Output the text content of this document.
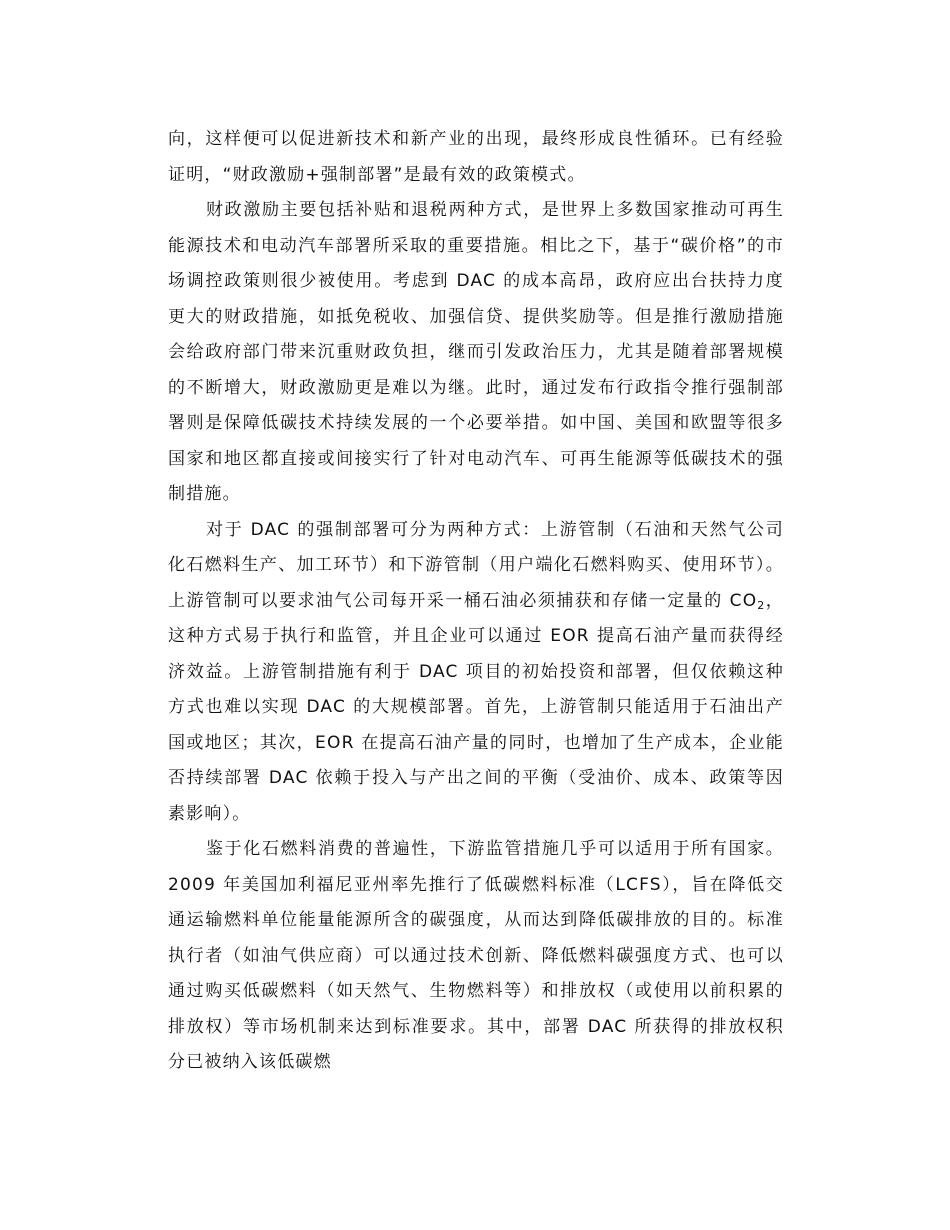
向，这样便可以促进新技术和新产业的出现，最终形成良性循环。已有经验证明，“财政激励+强制部署”是最有效的政策模式。

财政激励主要包括补贴和退税两种方式，是世界上多数国家推动可再生能源技术和电动汽车部署所采取的重要措施。相比之下，基于“碳价格”的市场调控政策则很少被使用。考虑到 DAC 的成本高昂，政府应出台扶持力度更大的财政措施，如抵免税收、加强信贷、提供奖励等。但是推行激励措施会给政府部门带来沉重财政负担，继而引发政治压力，尤其是随着部署规模的不断增大，财政激励更是难以为继。此时，通过发布行政指令推行强制部署则是保障低碳技术持续发展的一个必要举措。如中国、美国和欧盟等很多国家和地区都直接或间接实行了针对电动汽车、可再生能源等低碳技术的强制措施。

对于 DAC 的强制部署可分为两种方式：上游管制（石油和天然气公司化石燃料生产、加工环节）和下游管制（用户端化石燃料购买、使用环节）。上游管制可以要求油气公司每开采一桶石油必须捕获和存储一定量的 $CO_2$，这种方式易于执行和监管，并且企业可以通过 EOR 提高石油产量而获得经济效益。上游管制措施有利于 DAC 项目的初始投资和部署，但仅依赖这种方式也难以实现 DAC 的大规模部署。首先，上游管制只能适用于石油出产国或地区；其次，EOR 在提高石油产量的同时，也增加了生产成本，企业能否持续部署 DAC 依赖于投入与产出之间的平衡（受油价、成本、政策等因素影响）。

鉴于化石燃料消费的普遍性，下游监管措施几乎可以适用于所有国家。2009 年美国加利福尼亚州率先推行了低碳燃料标准（LCFS），旨在降低交通运输燃料单位能量能源所含的碳强度，从而达到降低碳排放的目的。标准执行者（如油气供应商）可以通过技术创新、降低燃料碳强度方式、也可以通过购买低碳燃料（如天然气、生物燃料等）和排放权（或使用以前积累的排放权）等市场机制来达到标准要求。其中，部署 DAC 所获得的排放权积分已被纳入该低碳燃
